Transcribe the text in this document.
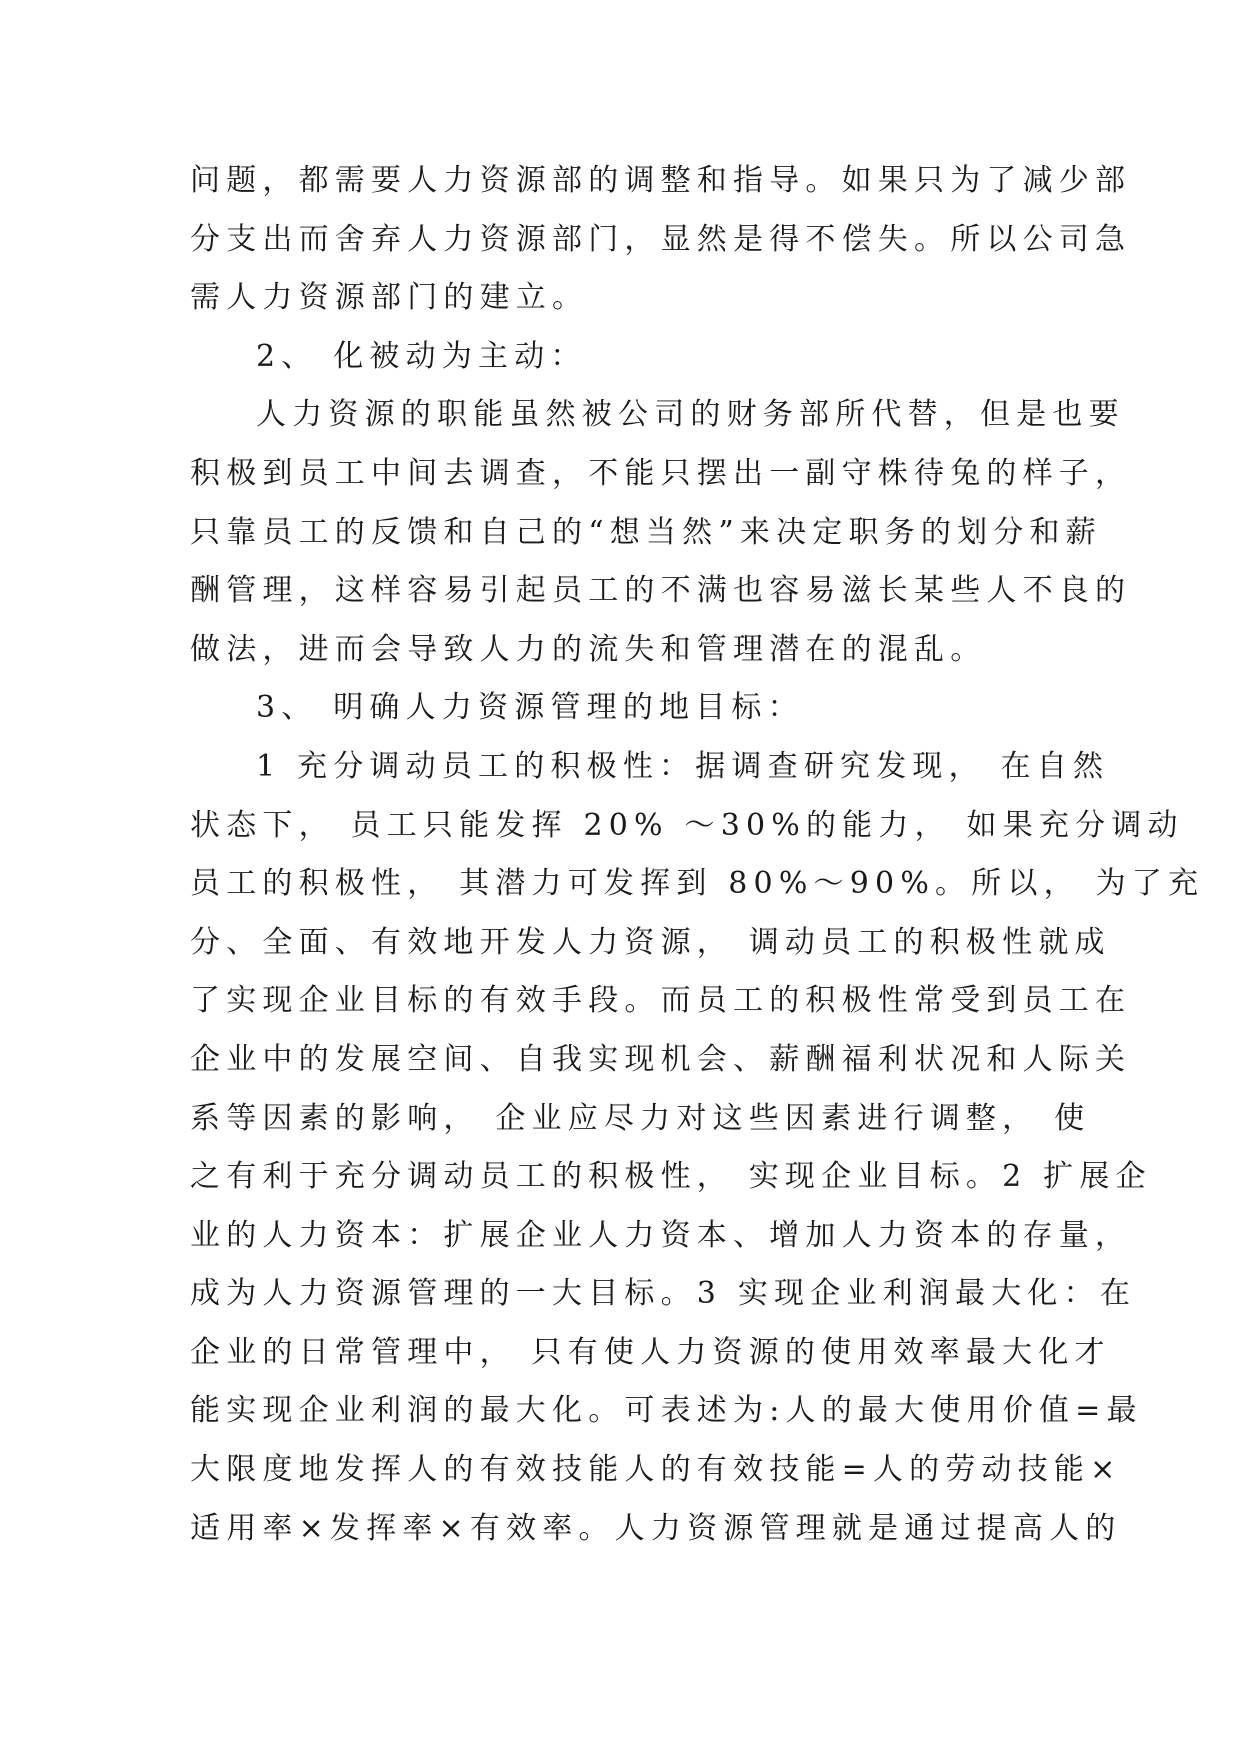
问题，都需要人力资源部的调整和指导。如果只为了减少部
分支出而舍弃人力资源部门，显然是得不偿失。所以公司急
需人力资源部门的建立。
2、 化被动为主动：
人力资源的职能虽然被公司的财务部所代替，但是也要
积极到员工中间去调查，不能只摆出一副守株待兔的样子，
只靠员工的反馈和自己的“想当然”来决定职务的划分和薪
酬管理，这样容易引起员工的不满也容易滋长某些人不良的
做法，进而会导致人力的流失和管理潜在的混乱。
3、 明确人力资源管理的地目标：
1 充分调动员工的积极性：据调查研究发现， 在自然
状态下， 员工只能发挥 20% ～30%的能力， 如果充分调动
员工的积极性， 其潜力可发挥到 80%～90%。所以， 为了充
分、全面、有效地开发人力资源， 调动员工的积极性就成
了实现企业目标的有效手段。而员工的积极性常受到员工在
企业中的发展空间、自我实现机会、薪酬福利状况和人际关
系等因素的影响， 企业应尽力对这些因素进行调整， 使
之有利于充分调动员工的积极性， 实现企业目标。2 扩展企
业的人力资本：扩展企业人力资本、增加人力资本的存量，
成为人力资源管理的一大目标。3 实现企业利润最大化：在
企业的日常管理中， 只有使人力资源的使用效率最大化才
能实现企业利润的最大化。可表述为:人的最大使用价值=最
大限度地发挥人的有效技能人的有效技能=人的劳动技能×
适用率×发挥率×有效率。人力资源管理就是通过提高人的
